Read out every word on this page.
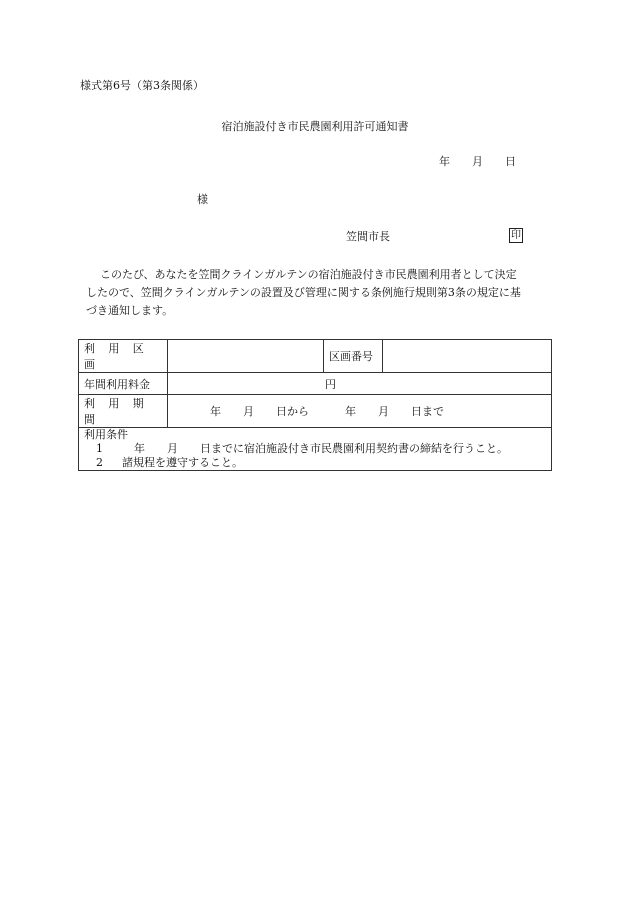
様式第6号（第3条関係）
宿泊施設付き市民農園利用許可通知書
年 月 日
様
笠間市長	印
このたび、あなたを笠間クラインガルテンの宿泊施設付き市民農園利用者として決定
したので、笠間クラインガルテンの設置及び管理に関する条例施行規則第3条の規定に基
づき通知します。
利 用 区 画		区画番号	
年間利用料金	円		
利 用 期 間	年 月 日から 年 月 日まで		

利用条件
1 年 月 日までに宿泊施設付き市民農園利用契約書の締結を行うこと。
2 諸規程を遵守すること。			
